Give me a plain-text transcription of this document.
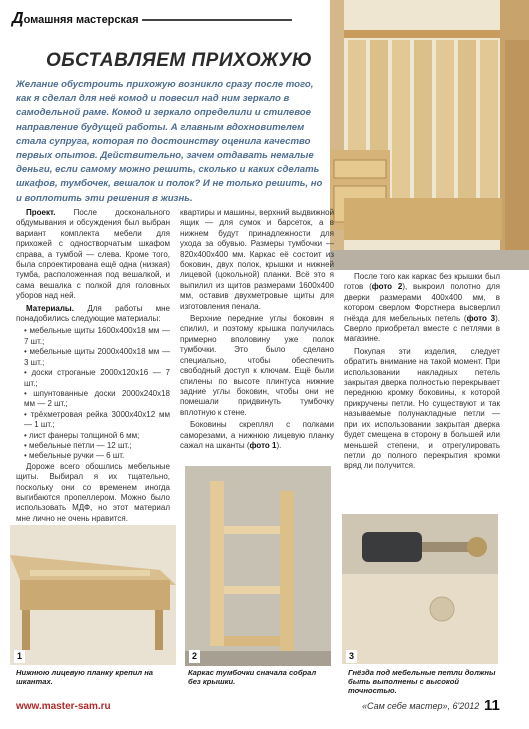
Домашняя мастерская
ОБСТАВЛЯЕМ ПРИХОЖУЮ

Желание обустроить прихожую возникло сразу после того, как я сделал для неё комод и повесил над ним зеркало в самодельной раме. Комод и зеркало определили и стилевое направление будущей работы. А главным вдохновителем стала супруга, которая по достоинству оценила качество первых опытов. Действительно, зачем отдавать немалые деньги, если самому можно решить, сколько и каких сделать шкафов, тумбочек, вешалок и полок? И не только решить, но и воплотить эти решения в жизнь.

Проект. После досконального обдумывания и обсуждения был выбран вариант комплекта мебели для прихожей с одностворчатым шкафом справа, а тумбой — слева. Кроме того, была спроектирована ещё одна (низкая) тумба, расположенная под вешалкой, и сама вешалка с полкой для головных уборов над ней.

Материалы. Для работы мне понадобились следующие материалы:

• мебельные щиты 1600х400х18 мм — 7 шт.;
• мебельные щиты 2000х400х18 мм — 3 шт.;
• доски строганые 2000х120х16 — 7 шт.;
• шпунтованные доски 2000х240х18 мм — 2 шт.;
• трёхметровая рейка 3000х40х12 мм — 1 шт.;
• лист фанеры толщиной 6 мм;
• мебельные петли — 12 шт.;
• мебельные ручки — 6 шт.

Дороже всего обошлись мебельные щиты. Выбирал я их тщательно, поскольку они со временем иногда выгибаются пропеллером. Можно было использовать МДФ, но этот материал мне лично не очень нравится.

квартиры и машины, верхний выдвижной ящик — для сумок и барсеток, а в нижнем будут принадлежности для ухода за обувью. Размеры тумбочки — 820х400х400 мм. Каркас её состоит из боковин, двух полок, крышки и нижней лицевой (цокольной) планки. Всё это я выпилил из щитов размерами 1600х400 мм, оставив двухметровые щиты для изготовления пенала.

Верхние передние углы боковин я спилил, и поэтому крышка получилась примерно вполовину уже полок тумбочки. Это было сделано специально, чтобы обеспечить свободный доступ к ключам. Ещё были спилены по высоте плинтуса нижние задние углы боковин, чтобы они не помешали придвинуть тумбочку вплотную к стене.

Боковины скреплял с полками саморезами, а нижнюю лицевую планку сажал на шканты (фото 1).

После того как каркас без крышки был готов (фото 2), выкроил полотно для дверки размерами 400х400 мм, в котором сверлом Форстнера высверлил гнёзда для мебельных петель (фото 3). Сверло приобретал вместе с петлями в магазине.

Покупая эти изделия, следует обратить внимание на такой момент. При использовании накладных петель закрытая дверка полностью перекрывает переднюю кромку боковины, к которой прикручены петли. Но существуют и так называемые полунакладные петли — при их использовании закрытая дверка будет смещена в сторону в большей или меньшей степени, и отрегулировать петли до полного перекрытия кромки вряд ли получится.

1
Нижнюю лицевую планку крепил на шкантах.
2
Каркас тумбочки сначала собрал без крышки.
3
Гнёзда под мебельные петли должны быть выполнены с высокой точностью.
www.master-sam.ru	«Сам себе мастер», 6'2012 11
